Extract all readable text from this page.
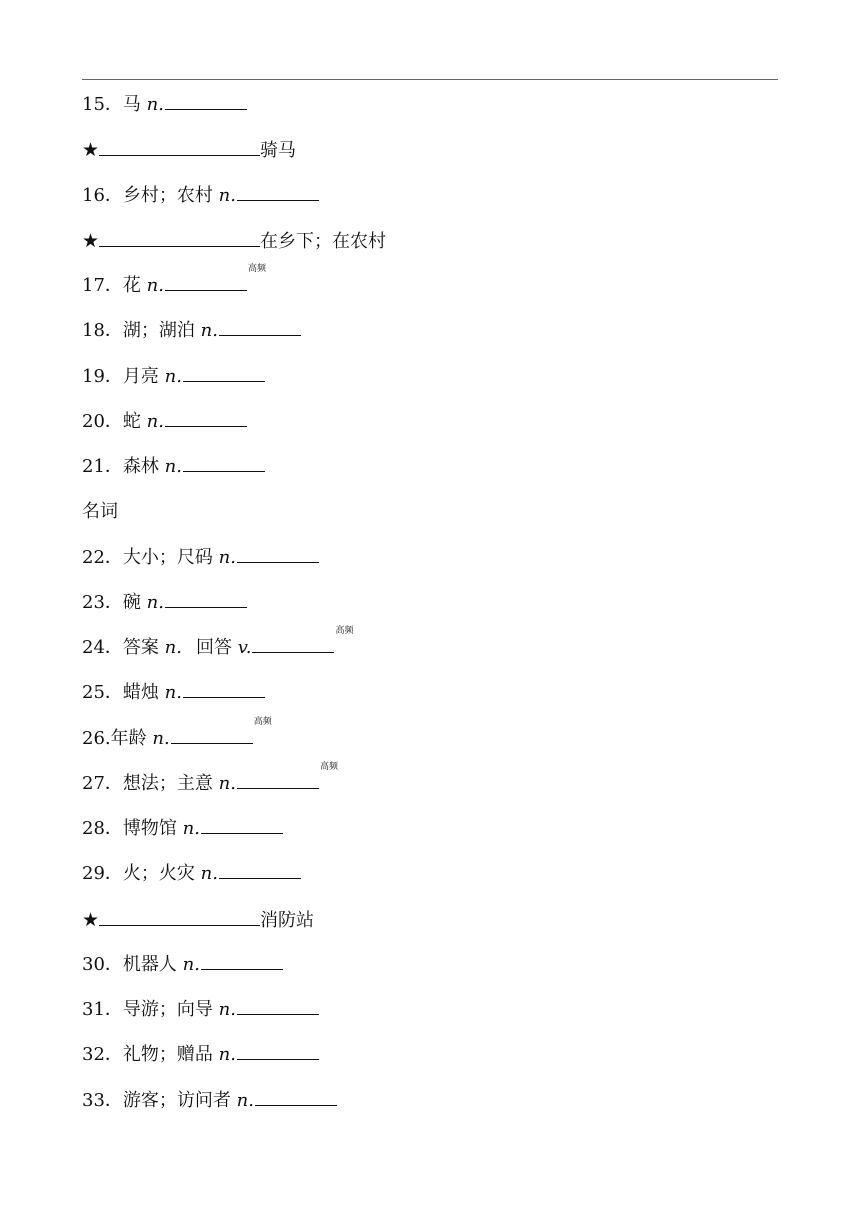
15．马 n.
★	骑马
16．乡村；农村 n.
★	在乡下；在农村
17．花 n.高频
18．湖；湖泊 n.
19．月亮 n.
20．蛇 n.
21．森林 n.
名词
22．大小；尺码 n.
23．碗 n.
24．答案 n. 回答 v.高频
25．蜡烛 n.
26.年龄 n.高频
27．想法；主意 n.高频
28．博物馆 n.
29．火；火灾 n.
★	消防站
30．机器人 n.
31．导游；向导 n.
32．礼物；赠品 n.
33．游客；访问者 n.
